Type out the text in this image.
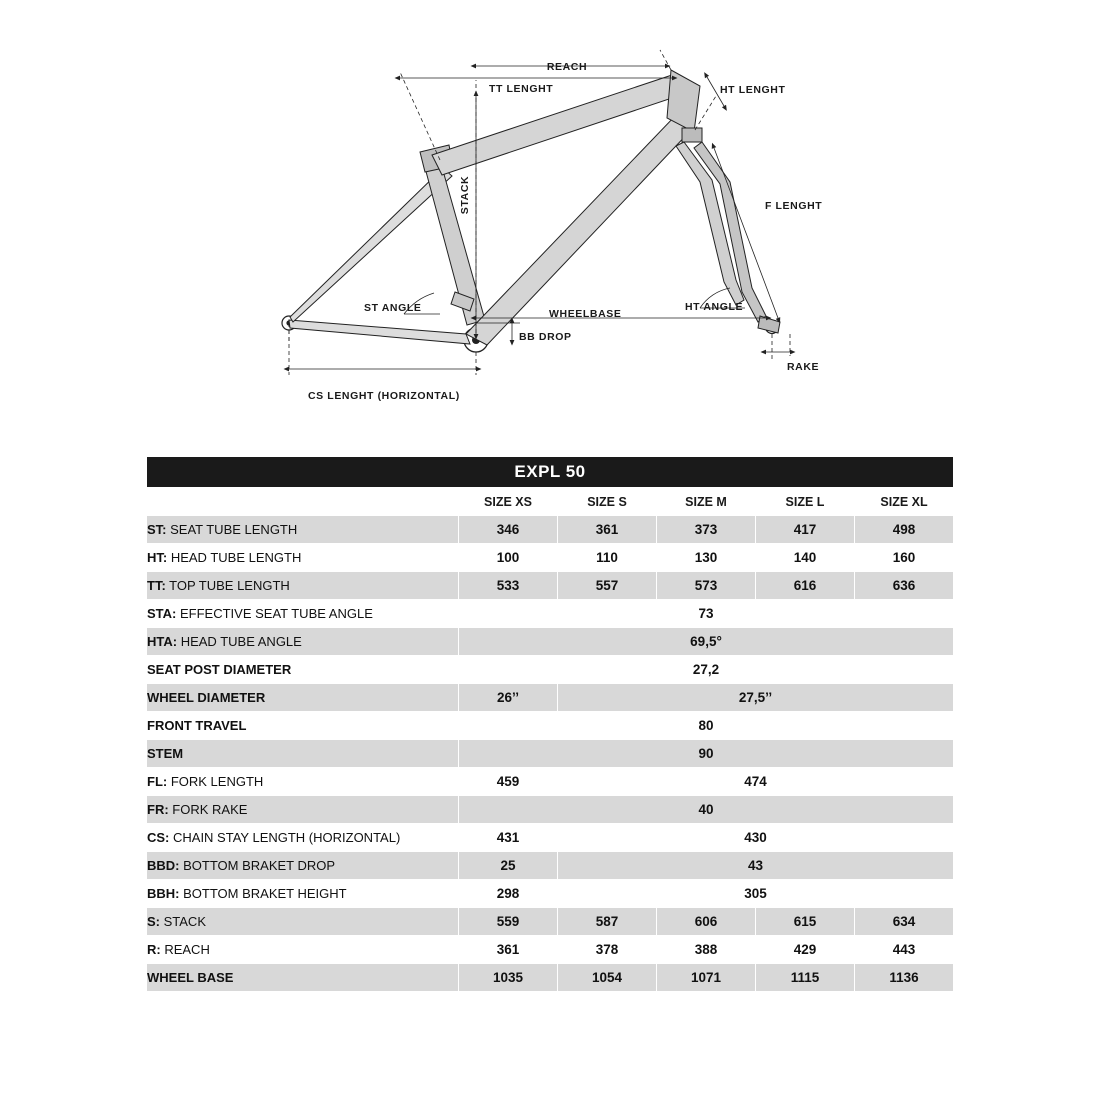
REACH
TT LENGHT	HT LENGHT
STACK	F LENGHT
ST ANGLE	WHEELBASE
HT ANGLE
BB DROP
RAKE
CS LENGHT (HORIZONTAL)
EXPL 50					
	SIZE XS	SIZE S	SIZE M	SIZE L	SIZE XL
ST: SEAT TUBE LENGTH	346	361	373	417	498
HT: HEAD TUBE LENGTH	100	110	130	140	160
TT: TOP TUBE LENGTH	533	557	573	616	636
STA: EFFECTIVE SEAT TUBE ANGLE	73				
HTA: HEAD TUBE ANGLE	69,5°				
SEAT POST DIAMETER	27,2				
WHEEL DIAMETER	26’’	27,5’’			
FRONT TRAVEL	80				
STEM	90				
FL: FORK LENGTH	459	474			
FR: FORK RAKE	40				
CS: CHAIN STAY LENGTH (HORIZONTAL)	431	430			
BBD: BOTTOM BRAKET DROP	25	43			
BBH: BOTTOM BRAKET HEIGHT	298	305			
S: STACK	559	587	606	615	634
R: REACH	361	378	388	429	443
WHEEL BASE	1035	1054	1071	1115	1136
